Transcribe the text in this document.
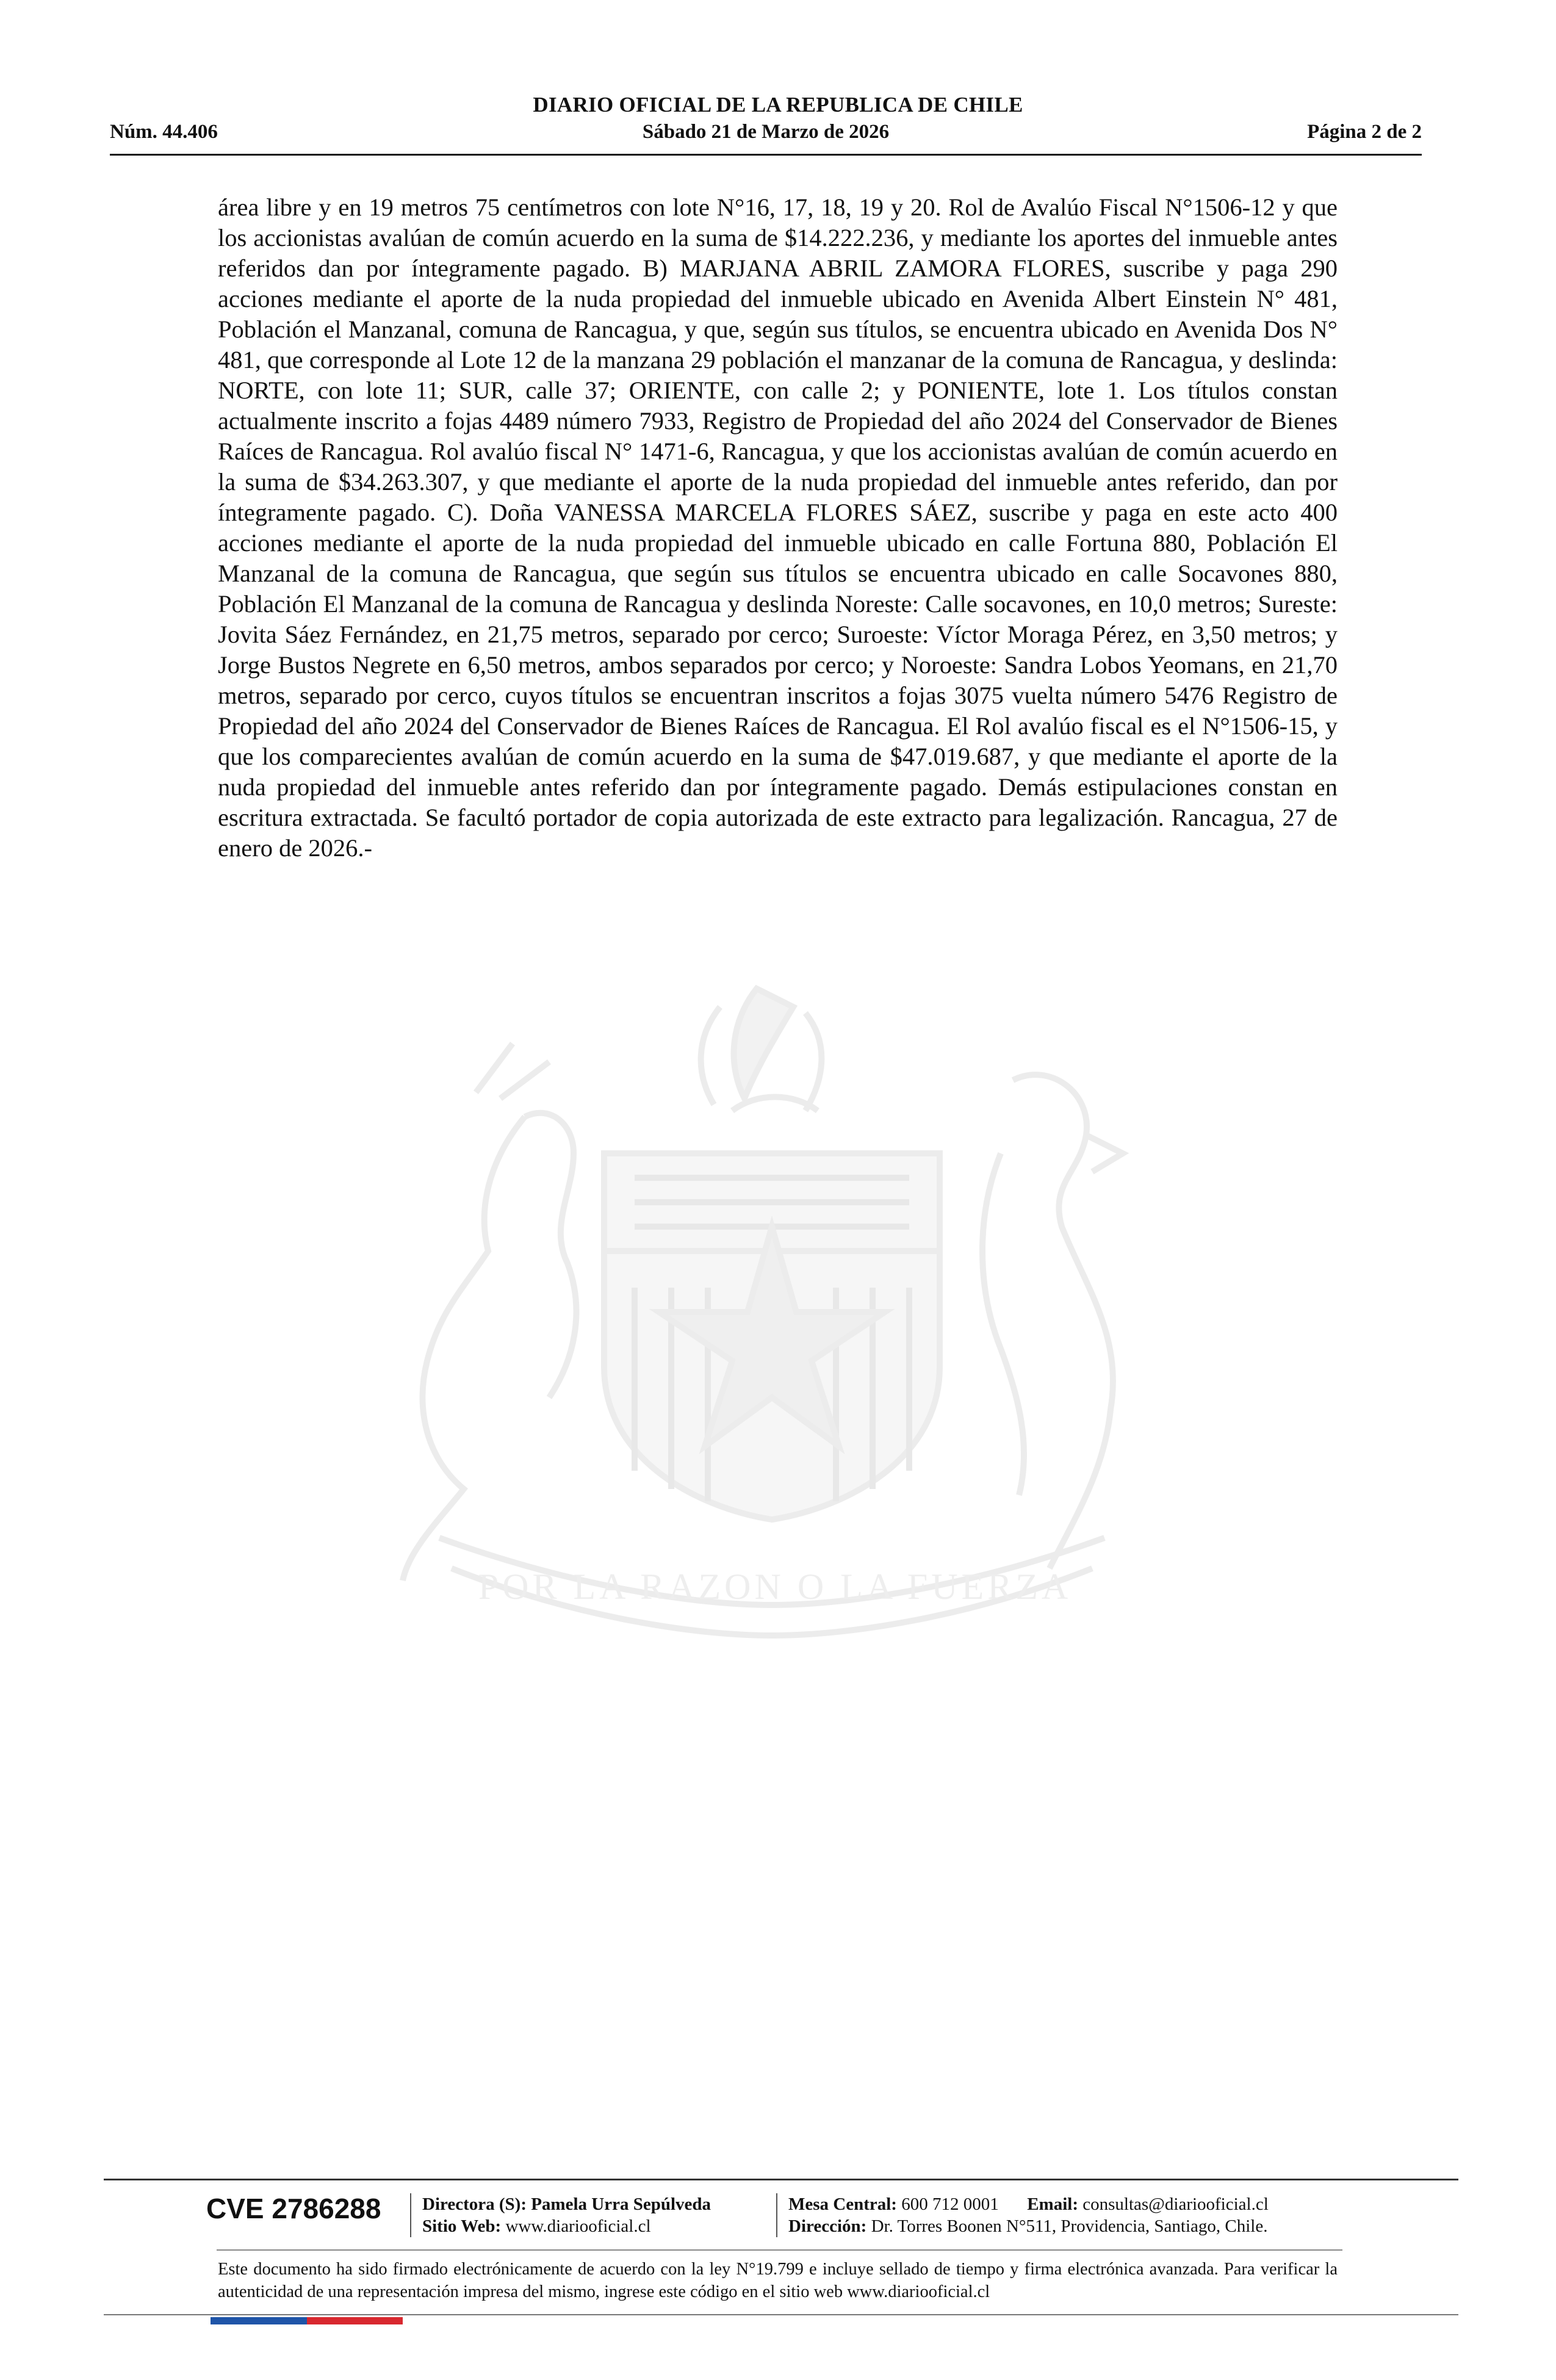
DIARIO OFICIAL DE LA REPUBLICA DE CHILE
Núm. 44.406	Sábado 21 de Marzo de 2026	Página 2 de 2
POR LA RAZON O LA FUERZA

área libre y en 19 metros 75 centímetros con lote N°16, 17, 18, 19 y 20. Rol de Avalúo Fiscal N°1506-12 y que los accionistas avalúan de común acuerdo en la suma de $14.222.236, y mediante los aportes del inmueble antes referidos dan por íntegramente pagado. B) MARJANA ABRIL ZAMORA FLORES, suscribe y paga 290 acciones mediante el aporte de la nuda propiedad del inmueble ubicado en Avenida Albert Einstein N° 481, Población el Manzanal, comuna de Rancagua, y que, según sus títulos, se encuentra ubicado en Avenida Dos N° 481, que corresponde al Lote 12 de la manzana 29 población el manzanar de la comuna de Rancagua, y deslinda: NORTE, con lote 11; SUR, calle 37; ORIENTE, con calle 2; y PONIENTE, lote 1. Los títulos constan actualmente inscrito a fojas 4489 número 7933, Registro de Propiedad del año 2024 del Conservador de Bienes Raíces de Rancagua. Rol avalúo fiscal N° 1471-6, Rancagua, y que los accionistas avalúan de común acuerdo en la suma de $34.263.307, y que mediante el aporte de la nuda propiedad del inmueble antes referido, dan por íntegramente pagado. C). Doña VANESSA MARCELA FLORES SÁEZ, suscribe y paga en este acto 400 acciones mediante el aporte de la nuda propiedad del inmueble ubicado en calle Fortuna 880, Población El Manzanal de la comuna de Rancagua, que según sus títulos se encuentra ubicado en calle Socavones 880, Población El Manzanal de la comuna de Rancagua y deslinda Noreste: Calle socavones, en 10,0 metros; Sureste: Jovita Sáez Fernández, en 21,75 metros, separado por cerco; Suroeste: Víctor Moraga Pérez, en 3,50 metros; y Jorge Bustos Negrete en 6,50 metros, ambos separados por cerco; y Noroeste: Sandra Lobos Yeomans, en 21,70 metros, separado por cerco, cuyos títulos se encuentran inscritos a fojas 3075 vuelta número 5476 Registro de Propiedad del año 2024 del Conservador de Bienes Raíces de Rancagua. El Rol avalúo fiscal es el N°1506-15, y que los comparecientes avalúan de común acuerdo en la suma de $47.019.687, y que mediante el aporte de la nuda propiedad del inmueble antes referido dan por íntegramente pagado. Demás estipulaciones constan en escritura extractada. Se facultó portador de copia autorizada de este extracto para legalización. Rancagua, 27 de enero de 2026.-

CVE 2786288	Directora (S): Pamela Urra Sepúlveda
Sitio Web: www.diariooficial.cl
Mesa Central: 600 712 0001 Email: consultas@diariooficial.cl
Dirección: Dr. Torres Boonen N°511, Providencia, Santiago, Chile.

Este documento ha sido firmado electrónicamente de acuerdo con la ley N°19.799 e incluye sellado de tiempo y firma electrónica avanzada. Para verificar la autenticidad de una representación impresa del mismo, ingrese este código en el sitio web www.diariooficial.cl
